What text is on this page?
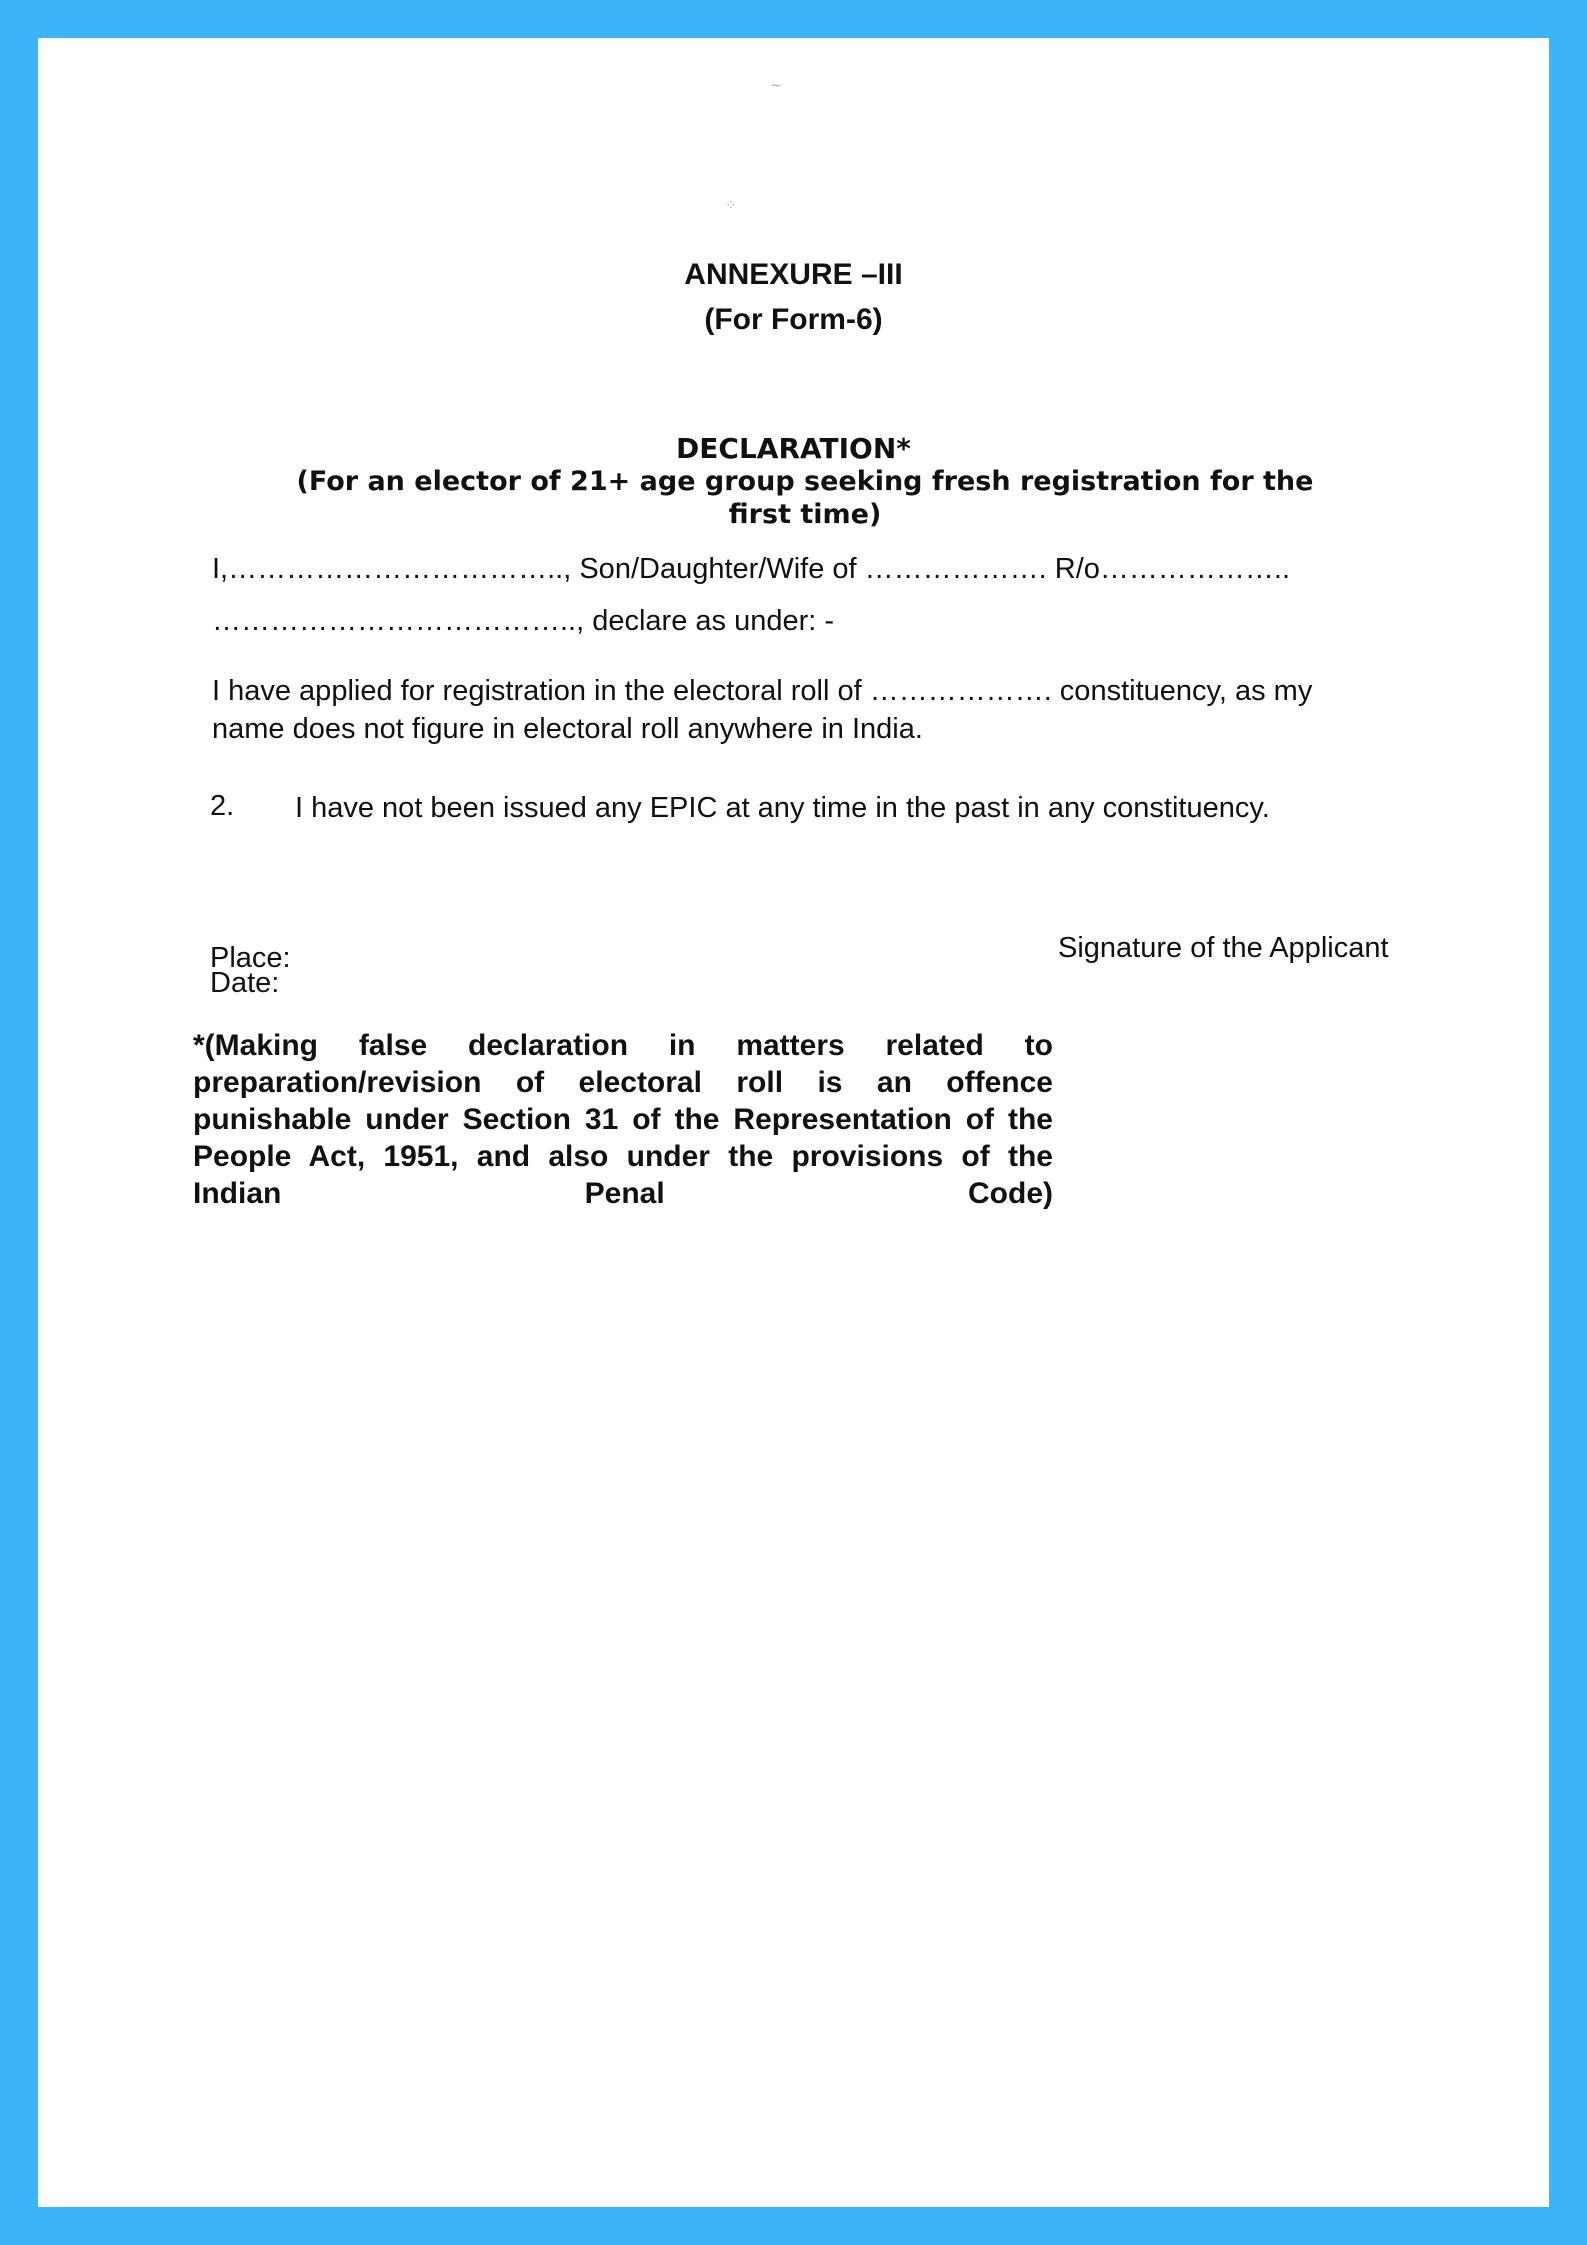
~
⁘
ANNEXURE –III
(For Form-6)
DECLARATION*
(For an elector of 21+ age group seeking fresh registration for the first time)
I,…………………………….., Son/Daughter/Wife of ………………. R/o………………..
……………………………….., declare as under: -
I have applied for registration in the electoral roll of ………………. constituency, as my name does not figure in electoral roll anywhere in India.
2. I have not been issued any EPIC at any time in the past in any constituency.
Signature of the Applicant
Place:
Date:
*(Making false declaration in matters related to preparation/revision of electoral roll is an offence punishable under Section 31 of the Representation of the People Act, 1951, and also under the provisions of the Indian Penal Code)
